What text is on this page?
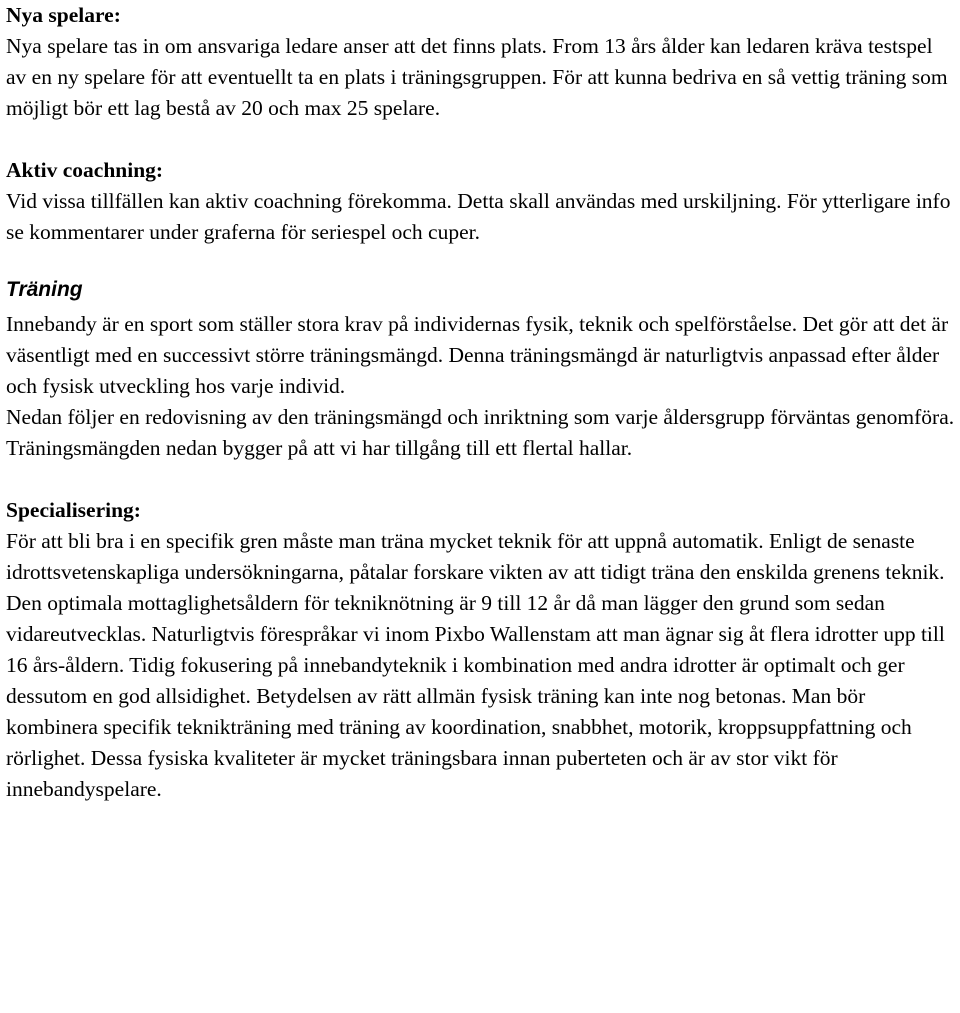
Nya spelare:

Nya spelare tas in om ansvariga ledare anser att det finns plats. From 13 års ålder kan ledaren kräva testspel av en ny spelare för att eventuellt ta en plats i träningsgruppen. För att kunna bedriva en så vettig träning som möjligt bör ett lag bestå av 20 och max 25 spelare.

Aktiv coachning:

Vid vissa tillfällen kan aktiv coachning förekomma. Detta skall användas med urskiljning. För ytterligare info se kommentarer under graferna för seriespel och cuper.

Träning

Innebandy är en sport som ställer stora krav på individernas fysik, teknik och spelförståelse. Det gör att det är väsentligt med en successivt större träningsmängd. Denna träningsmängd är naturligtvis anpassad efter ålder och fysisk utveckling hos varje individ.

Nedan följer en redovisning av den träningsmängd och inriktning som varje åldersgrupp förväntas genomföra. Träningsmängden nedan bygger på att vi har tillgång till ett flertal hallar.

Specialisering:

För att bli bra i en specifik gren måste man träna mycket teknik för att uppnå automatik. Enligt de senaste idrottsvetenskapliga undersökningarna, påtalar forskare vikten av att tidigt träna den enskilda grenens teknik. Den optimala mottaglighetsåldern för tekniknötning är 9 till 12 år då man lägger den grund som sedan vidareutvecklas. Naturligtvis förespråkar vi inom Pixbo Wallenstam att man ägnar sig åt flera idrotter upp till 16 års-åldern. Tidig fokusering på innebandyteknik i kombination med andra idrotter är optimalt och ger dessutom en god allsidighet. Betydelsen av rätt allmän fysisk träning kan inte nog betonas. Man bör kombinera specifik teknikträning med träning av koordination, snabbhet, motorik, kroppsuppfattning och rörlighet. Dessa fysiska kvaliteter är mycket träningsbara innan puberteten och är av stor vikt för innebandyspelare.
